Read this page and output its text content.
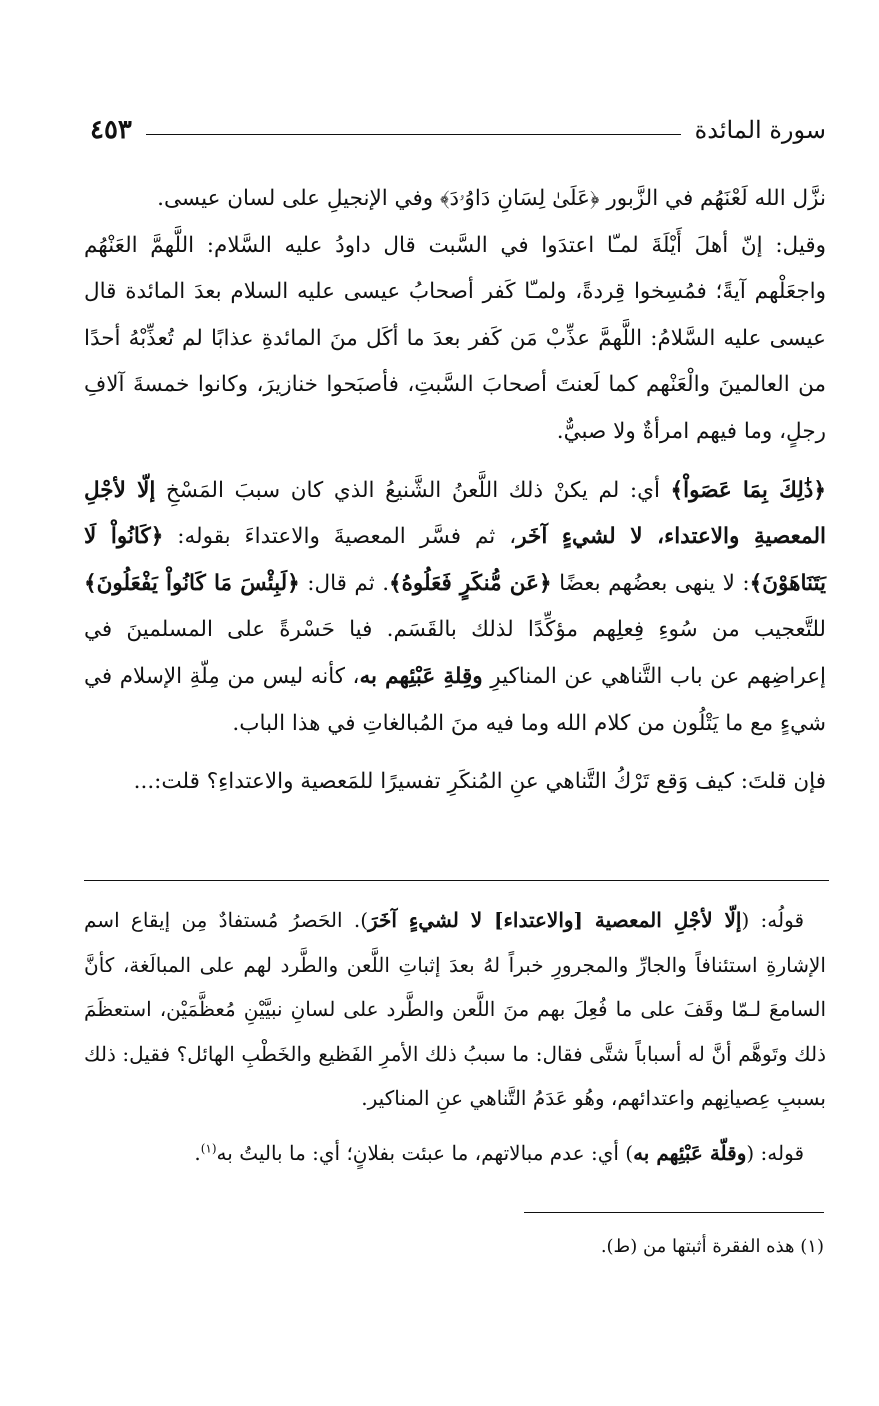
سورة المائدة
٤٥٣

نزَّل الله لَعْنَهُم في الزَّبور ﴿عَلَىٰ لِسَانِ دَاوُۥدَ﴾ وفي الإنجيلِ على لسان عيسى.

وقيل: إنّ أهلَ أَيْلَةَ لمـّا اعتدَوا في السَّبت قال داودُ عليه السَّلام: اللَّهمَّ العَنْهُم واجعَلْهم آيةً؛ فمُسِخوا قِردةً، ولمـّا كَفر أصحابُ عيسى عليه السلام بعدَ المائدة قال عيسى عليه السَّلامُ: اللَّهمَّ عذِّبْ مَن كَفر بعدَ ما أكَل منَ المائدةِ عذابًا لم تُعذِّبْهُ أحدًا من العالمينَ والْعَنْهم كما لَعنتَ أصحابَ السَّبتِ، فأصبَحوا خنازيرَ، وكانوا خمسةَ آلافِ رجلٍ، وما فيهم امرأةٌ ولا صبيٌّ.

﴿ذَٰلِكَ بِمَا عَصَواْ﴾ أي: لم يكنْ ذلك اللَّعنُ الشَّنيعُ الذي كان سببَ المَسْخِ إلّا لأجْلِ المعصيةِ والاعتداء، لا لشيءٍ آخَر، ثم فسَّر المعصيةَ والاعتداءَ بقوله: ﴿كَانُواْ لَا يَتَنَاهَوْنَ﴾: لا ينهى بعضُهم بعضًا ﴿عَن مُّنكَرٍ فَعَلُوهُ﴾. ثم قال: ﴿لَبِئْسَ مَا كَانُواْ يَفْعَلُونَ﴾ للتَّعجيب من سُوءِ فِعلِهم مؤكِّدًا لذلك بالقَسَم. فيا حَسْرةً على المسلمينَ في إعراضِهم عن باب التَّناهي عن المناكيرِ وقِلةِ عَبْئِهم به، كأنه ليس من مِلّةِ الإسلام في شيءٍ مع ما يَتْلُون من كلام الله وما فيه منَ المُبالغاتِ في هذا الباب.

فإن قلتَ: كيف وَقع تَرْكُ التَّناهي عنِ المُنكَرِ تفسيرًا للمَعصية والاعتداءِ؟ قلت:...

قولُه: (إلّا لأجْلِ المعصية [والاعتداء] لا لشيءٍ آخَرَ). الحَصرُ مُستفادٌ مِن إيقاع اسم الإشارةِ استئنافاً والجارِّ والمجرورِ خبراً لهُ بعدَ إثباتِ اللَّعن والطَّرد لهم على المبالَغة، كأنَّ السامعَ لـمّا وقَفَ على ما فُعِلَ بهم منَ اللَّعن والطَّرد على لسانِ نبيَّيْنِ مُعظَّمَيْن، استعظَمَ ذلك وتَوهَّم أنَّ له أسباباً شتَّى فقال: ما سببُ ذلك الأمرِ الفَظيع والخَطْبِ الهائل؟ فقيل: ذلك بسببِ عِصيانِهم واعتدائهم، وهُو عَدَمُ التَّناهي عنِ المناكير.

قوله: (وقلّة عَبْئِهم به) أي: عدم مبالاتهم، ما عبئت بفلانٍ؛ أي: ما باليتُ به$^{(١)}$.

(١) هذه الفقرة أثبتها من (ط).
